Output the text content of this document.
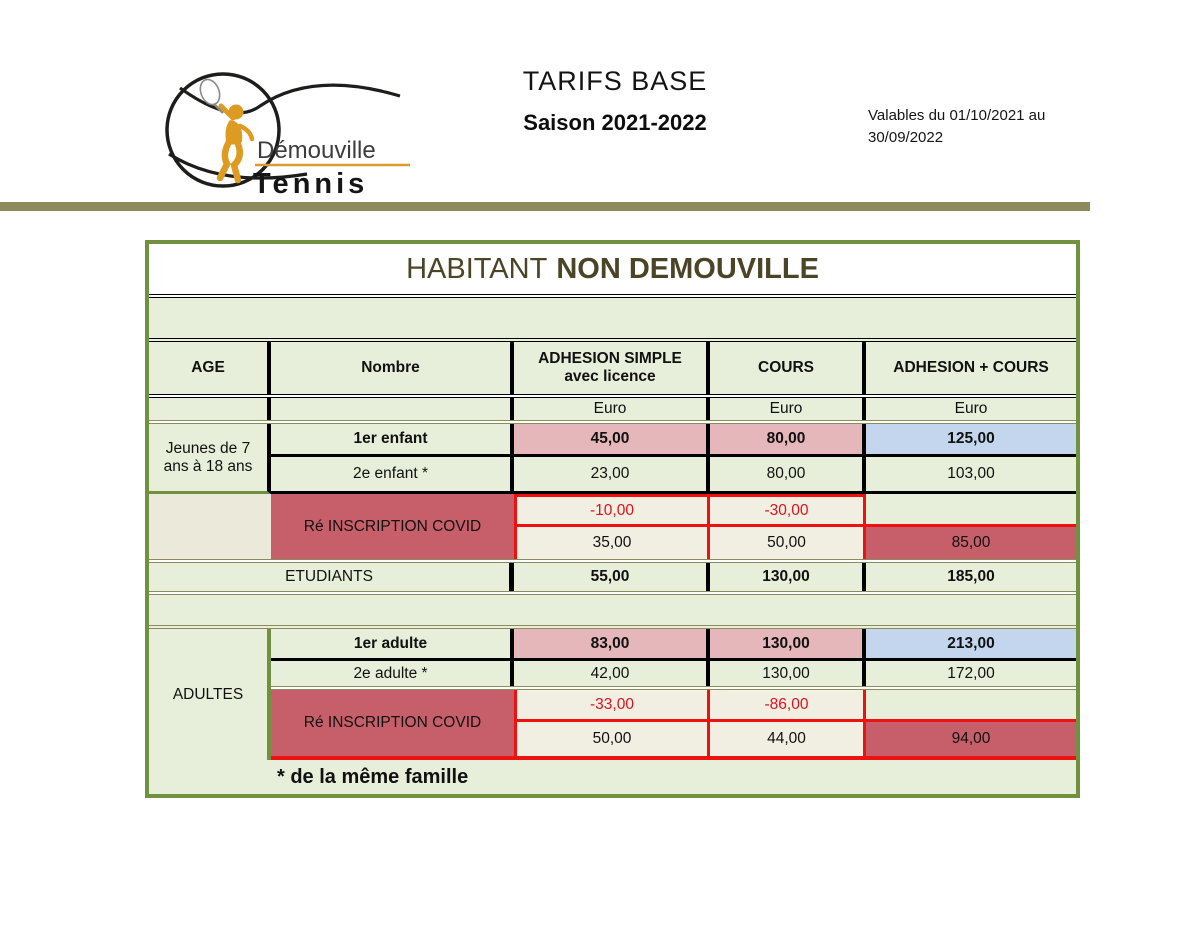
Démouville
Tennis
TARIFS BASE
Saison 2021-2022	Valables du 01/10/2021 au
30/09/2022
HABITANT NON DEMOUVILLE
AGE	Nombre
ADHESION SIMPLE
avec licence
COURS	ADHESION + COURS
Euro	Euro	Euro
Jeunes de 7
ans à 18 ans
1er enfant	45,00	80,00	125,00
2e enfant *	23,00	80,00	103,00
Ré INSCRIPTION COVID
-10,00	-30,00
35,00	50,00	85,00
ETUDIANTS	55,00	130,00	185,00
ADULTES
1er adulte	83,00	130,00	213,00
2e adulte *	42,00	130,00	172,00
Ré INSCRIPTION COVID
-33,00	-86,00
50,00	44,00	94,00
* de la même famille
